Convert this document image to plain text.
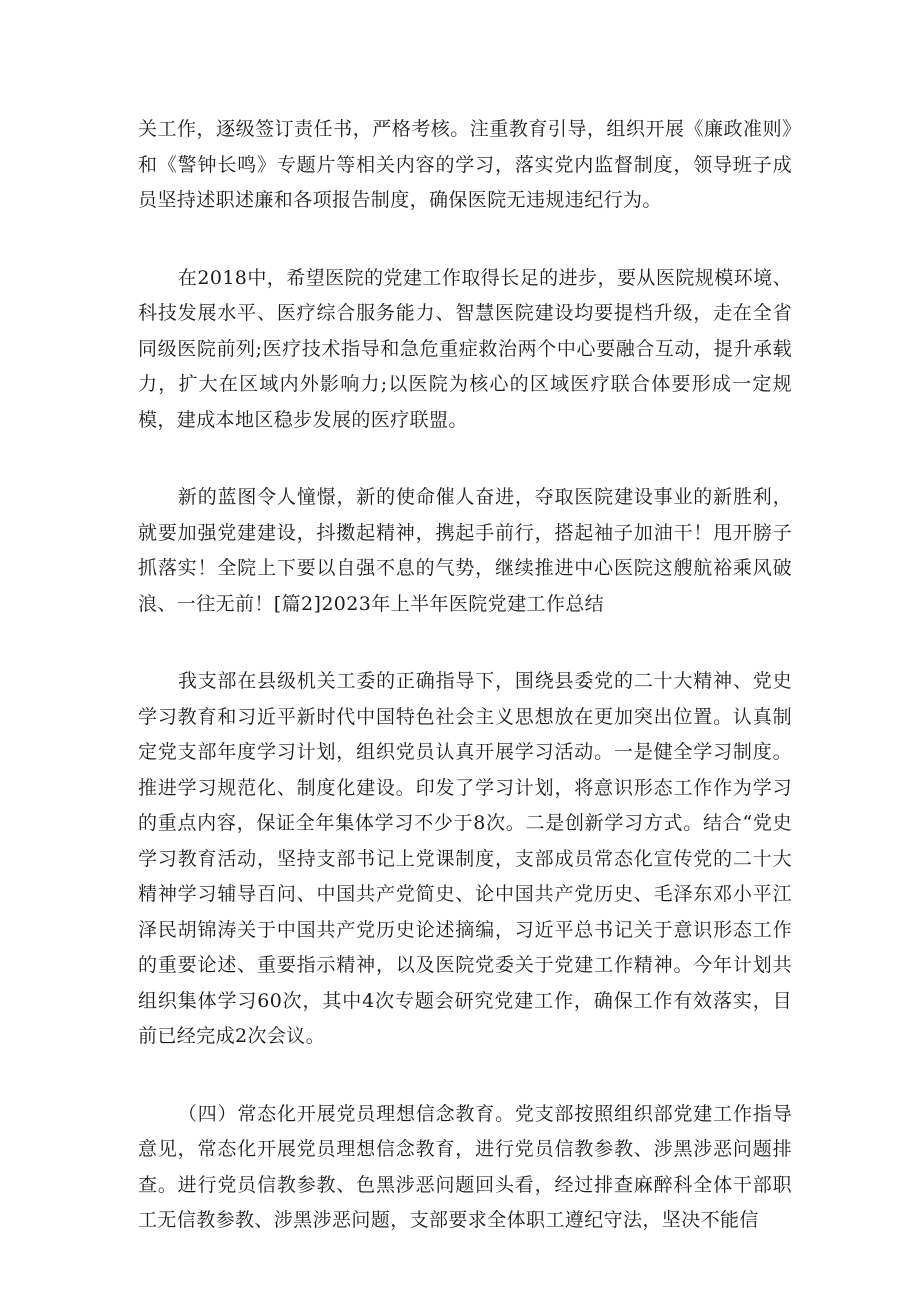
关工作，逐级签订责任书，严格考核。注重教育引导，组织开展《廉政准则》和《警钟长鸣》专题片等相关内容的学习，落实党内监督制度，领导班子成员坚持述职述廉和各项报告制度，确保医院无违规违纪行为。

在2018中，希望医院的党建工作取得长足的进步，要从医院规模环境、科技发展水平、医疗综合服务能力、智慧医院建设均要提档升级，走在全省同级医院前列;医疗技术指导和急危重症救治两个中心要融合互动，提升承载力，扩大在区域内外影响力;以医院为核心的区域医疗联合体要形成一定规模，建成本地区稳步发展的医疗联盟。

新的蓝图令人憧憬，新的使命催人奋进，夺取医院建设事业的新胜利，就要加强党建建设，抖擞起精神，携起手前行，搭起袖子加油干！甩开膀子抓落实！全院上下要以自强不息的气势，继续推进中心医院这艘航裕乘风破浪、一往无前！[篇2]2023年上半年医院党建工作总结

我支部在县级机关工委的正确指导下，围绕县委党的二十大精神、党史学习教育和习近平新时代中国特色社会主义思想放在更加突出位置。认真制定党支部年度学习计划，组织党员认真开展学习活动。一是健全学习制度。推进学习规范化、制度化建设。印发了学习计划，将意识形态工作作为学习的重点内容，保证全年集体学习不少于8次。二是创新学习方式。结合“党史学习教育活动，坚持支部书记上党课制度，支部成员常态化宣传党的二十大精神学习辅导百问、中国共产党简史、论中国共产党历史、毛泽东邓小平江泽民胡锦涛关于中国共产党历史论述摘编，习近平总书记关于意识形态工作的重要论述、重要指示精神，以及医院党委关于党建工作精神。今年计划共组织集体学习60次，其中4次专题会研究党建工作，确保工作有效落实，目前已经完成2次会议。

（四）常态化开展党员理想信念教育。党支部按照组织部党建工作指导意见，常态化开展党员理想信念教育，进行党员信教参教、涉黑涉恶问题排查。进行党员信教参教、色黑涉恶问题回头看，经过排查麻醉科全体干部职工无信教参教、涉黑涉恶问题，支部要求全体职工遵纪守法，坚决不能信
